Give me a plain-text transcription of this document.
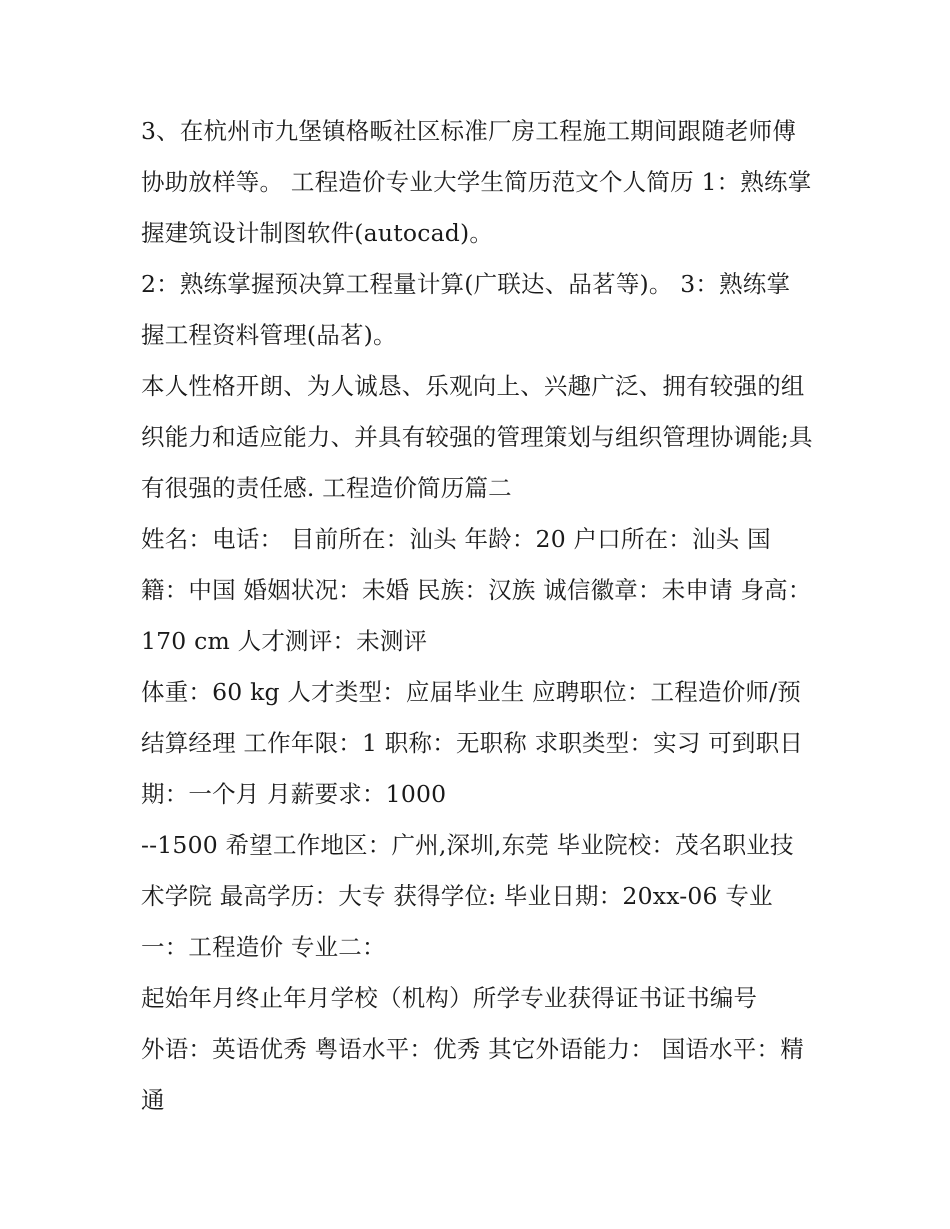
3、在杭州市九堡镇格畈社区标准厂房工程施工期间跟随老师傅协助放样等。 工程造价专业大学生简历范文个人简历 1：熟练掌握建筑设计制图软件(autocad)。

2：熟练掌握预决算工程量计算(广联达、品茗等)。 3：熟练掌握工程资料管理(品茗)。

本人性格开朗、为人诚恳、乐观向上、兴趣广泛、拥有较强的组织能力和适应能力、并具有较强的管理策划与组织管理协调能;具有很强的责任感. 工程造价简历篇二

姓名：电话： 目前所在：汕头 年龄：20 户口所在：汕头 国籍：中国 婚姻状况：未婚 民族：汉族 诚信徽章：未申请 身高：170 cm 人才测评：未测评

体重：60 kg 人才类型：应届毕业生 应聘职位：工程造价师/预结算经理 工作年限：1 职称：无职称 求职类型：实习 可到职日期：一个月 月薪要求：1000

--1500 希望工作地区：广州,深圳,东莞 毕业院校：茂名职业技术学院 最高学历：大专 获得学位: 毕业日期：20xx-06 专业一：工程造价 专业二：

起始年月终止年月学校（机构）所学专业获得证书证书编号

外语：英语优秀 粤语水平：优秀 其它外语能力： 国语水平：精通
